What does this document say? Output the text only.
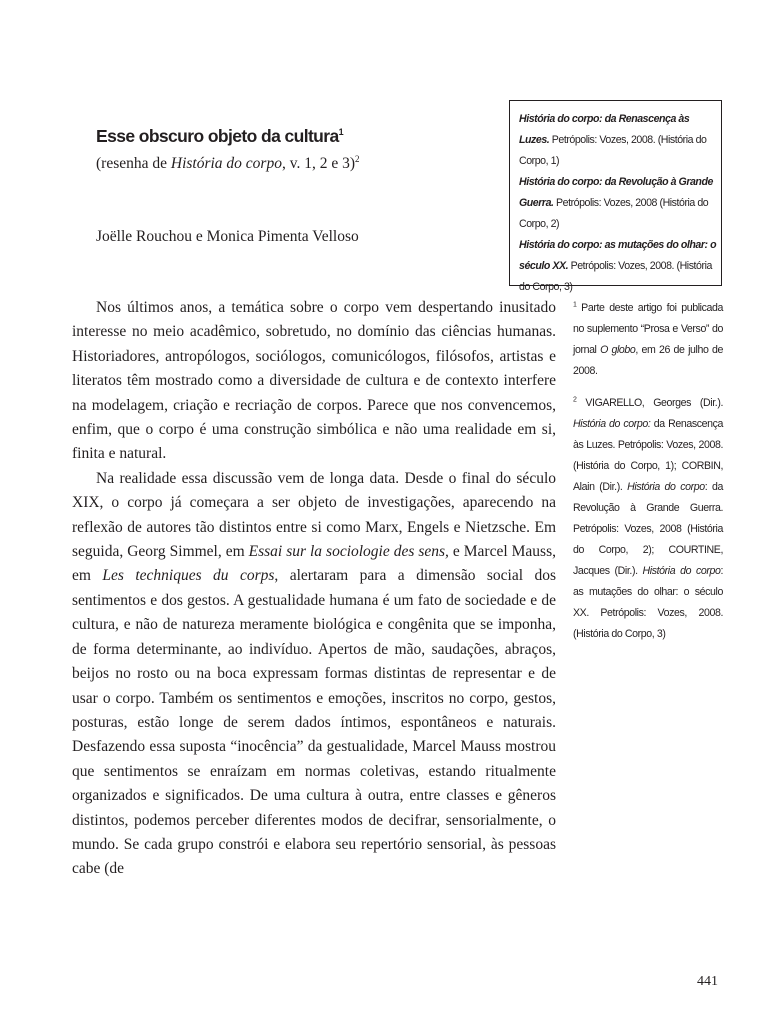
Esse obscuro objeto da cultura$^1$
(resenha de História do corpo, v. 1, 2 e 3)$^2$
Joëlle Rouchou e Monica Pimenta Velloso

História do corpo: da Renascença às Luzes. Petrópolis: Vozes, 2008. (História do Corpo, 1)

História do corpo: da Revolução à Grande Guerra. Petrópolis: Vozes, 2008 (História do Corpo, 2)

História do corpo: as mutações do olhar: o século XX. Petrópolis: Vozes, 2008. (História do Corpo, 3)

Nos últimos anos, a temática sobre o corpo vem despertando inusitado interesse no meio acadêmico, sobretudo, no domínio das ciências humanas. Historiadores, antropólogos, sociólogos, comunicólogos, filósofos, artistas e literatos têm mostrado como a diversidade de cultura e de contexto interfere na modelagem, criação e recriação de corpos. Parece que nos convencemos, enfim, que o corpo é uma construção simbólica e não uma realidade em si, finita e natural.

Na realidade essa discussão vem de longa data. Desde o final do século XIX, o corpo já começara a ser objeto de investigações, aparecendo na reflexão de autores tão distintos entre si como Marx, Engels e Nietzsche. Em seguida, Georg Simmel, em Essai sur la sociologie des sens, e Marcel Mauss, em Les techniques du corps, alertaram para a dimensão social dos sentimentos e dos gestos. A gestualidade humana é um fato de sociedade e de cultura, e não de natureza meramente biológica e congênita que se imponha, de forma determinante, ao indivíduo. Apertos de mão, saudações, abraços, beijos no rosto ou na boca expressam formas distintas de representar e de usar o corpo. Também os sentimentos e emoções, inscritos no corpo, gestos, posturas, estão longe de serem dados íntimos, espontâneos e naturais. Desfazendo essa suposta “inocência” da gestualidade, Marcel Mauss mostrou que sentimentos se enraízam em normas coletivas, estando ritualmente organizados e significados. De uma cultura à outra, entre classes e gêneros distintos, podemos perceber diferentes modos de decifrar, sensorialmente, o mundo. Se cada grupo constrói e elabora seu repertório sensorial, às pessoas cabe (de

$^1$ Parte deste artigo foi publicada no suplemento “Prosa e Verso” do jornal O globo, em 26 de julho de 2008.

$^2$ VIGARELLO, Georges (Dir.). História do corpo: da Renascença às Luzes. Petrópolis: Vozes, 2008. (História do Corpo, 1); CORBIN, Alain (Dir.). História do corpo: da Revolução à Grande Guerra. Petrópolis: Vozes, 2008 (História do Corpo, 2); COURTINE, Jacques (Dir.). História do corpo: as mutações do olhar: o século XX. Petrópolis: Vozes, 2008. (História do Corpo, 3)

441
